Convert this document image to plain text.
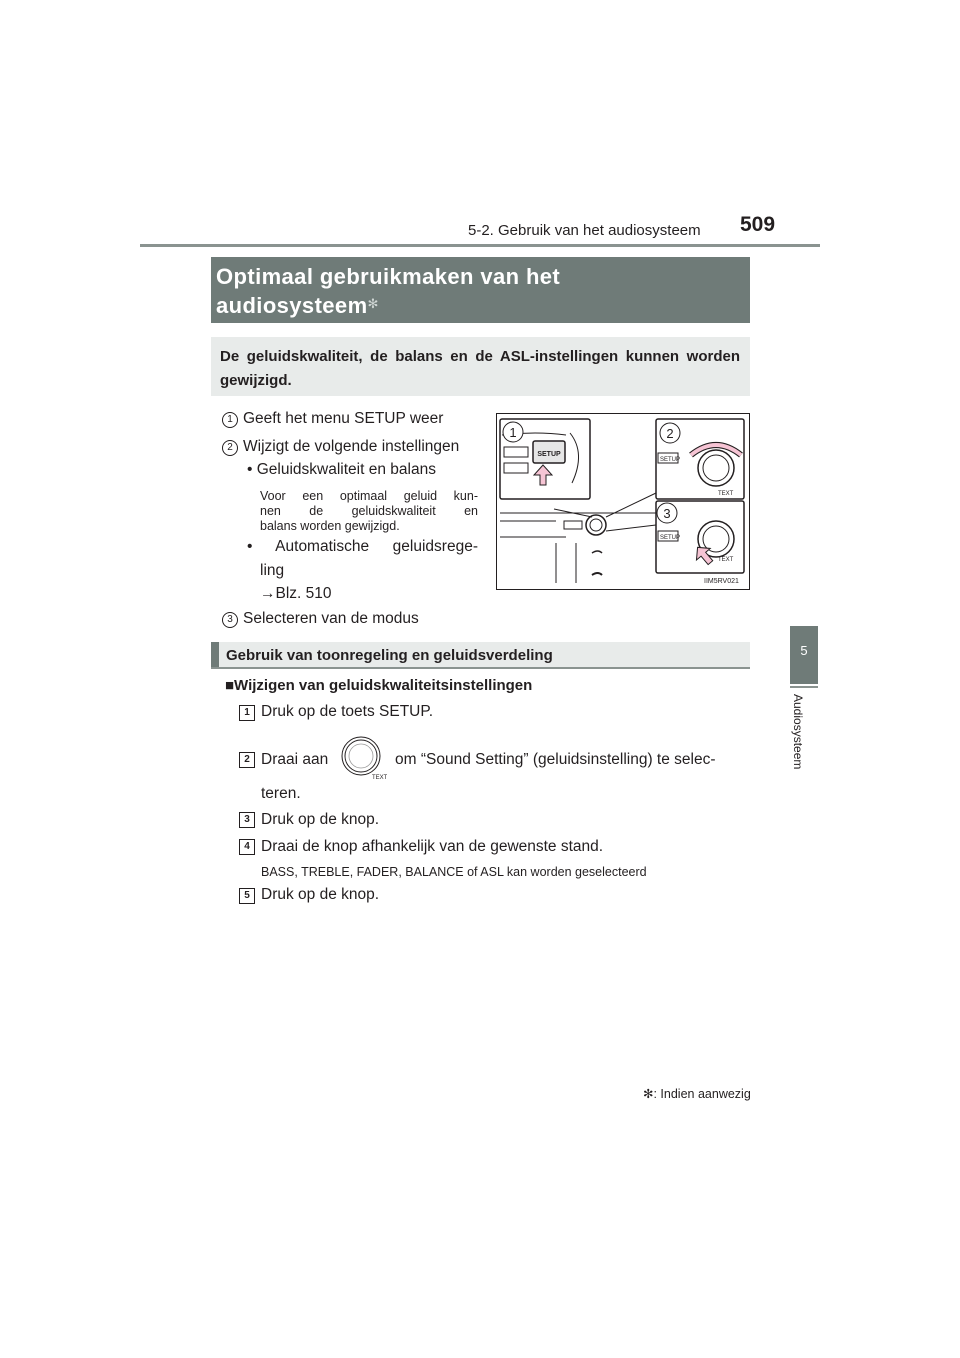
5-2. Gebruik van het audiosysteem 509
5
Audiosysteem
Optimaal gebruikmaken van het
audiosysteem✻
De geluidskwaliteit, de balans en de ASL-instellingen kunnen worden gewijzigd.
1 Geeft het menu SETUP weer
2 Wijzigt de volgende instellingen
• Geluidskwaliteit en balans
Voor een optimaal geluid kun-
nen de geluidskwaliteit en
balans worden gewijzigd.
• Automatische geluidsrege-
ling
→Blz. 510
3 Selecteren van de modus
SETUP
1
SETUP
TEXT
2
SETUP
TEXT
3
IIM5RV021
Gebruik van toonregeling en geluidsverdeling
■Wijzigen van geluidskwaliteitsinstellingen
1 Druk op de toets SETUP.
2 Draai aan
TEXT
om “Sound Setting” (geluidsinstelling) te selec-
teren.
3 Druk op de knop.
4 Draai de knop afhankelijk van de gewenste stand.
BASS, TREBLE, FADER, BALANCE of ASL kan worden geselecteerd
5 Druk op de knop.
✻: Indien aanwezig
